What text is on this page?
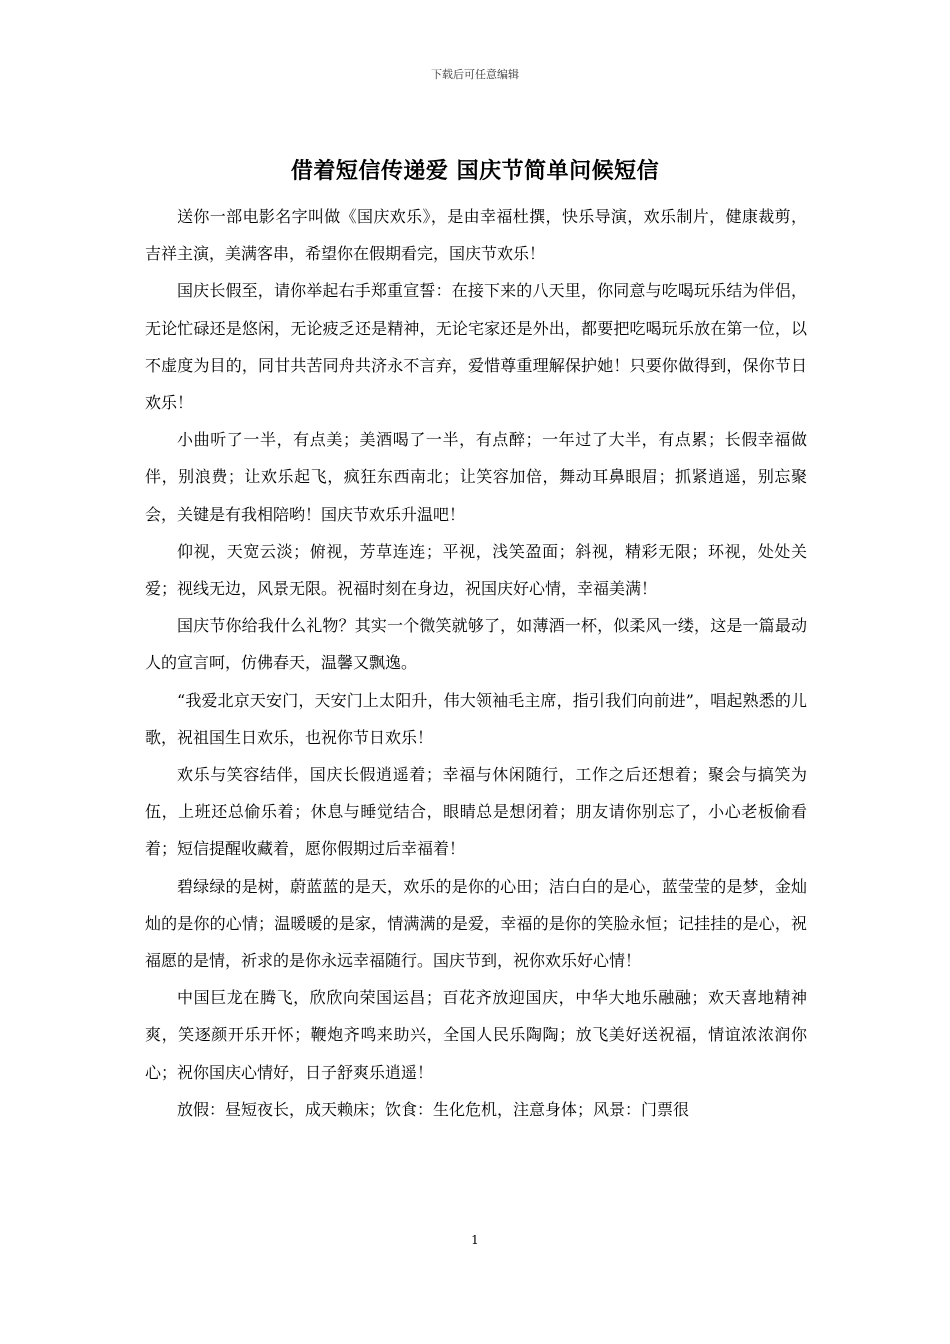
下载后可任意编辑
借着短信传递爱 国庆节简单问候短信

送你一部电影名字叫做《国庆欢乐》，是由幸福杜撰，快乐导演，欢乐制片，健康裁剪，吉祥主演，美满客串，希望你在假期看完，国庆节欢乐！

国庆长假至，请你举起右手郑重宣誓：在接下来的八天里，你同意与吃喝玩乐结为伴侣，无论忙碌还是悠闲，无论疲乏还是精神，无论宅家还是外出，都要把吃喝玩乐放在第一位，以不虚度为目的，同甘共苦同舟共济永不言弃，爱惜尊重理解保护她！只要你做得到，保你节日欢乐！

小曲听了一半，有点美；美酒喝了一半，有点醉；一年过了大半，有点累；长假幸福做伴，别浪费；让欢乐起飞，疯狂东西南北；让笑容加倍，舞动耳鼻眼眉；抓紧逍遥，别忘聚会，关键是有我相陪哟！国庆节欢乐升温吧！

仰视，天宽云淡；俯视，芳草连连；平视，浅笑盈面；斜视，精彩无限；环视，处处关爱；视线无边，风景无限。祝福时刻在身边，祝国庆好心情，幸福美满！

国庆节你给我什么礼物？其实一个微笑就够了，如薄酒一杯，似柔风一缕，这是一篇最动人的宣言呵，仿佛春天，温馨又飘逸。

“我爱北京天安门，天安门上太阳升，伟大领袖毛主席，指引我们向前进”，唱起熟悉的儿歌，祝祖国生日欢乐，也祝你节日欢乐！

欢乐与笑容结伴，国庆长假逍遥着；幸福与休闲随行，工作之后还想着；聚会与搞笑为伍，上班还总偷乐着；休息与睡觉结合，眼睛总是想闭着；朋友请你别忘了，小心老板偷看着；短信提醒收藏着，愿你假期过后幸福着！

碧绿绿的是树，蔚蓝蓝的是天，欢乐的是你的心田；洁白白的是心，蓝莹莹的是梦，金灿灿的是你的心情；温暖暖的是家，情满满的是爱，幸福的是你的笑脸永恒；记挂挂的是心，祝福愿的是情，祈求的是你永远幸福随行。国庆节到，祝你欢乐好心情！

中国巨龙在腾飞，欣欣向荣国运昌；百花齐放迎国庆，中华大地乐融融；欢天喜地精神爽，笑逐颜开乐开怀；鞭炮齐鸣来助兴，全国人民乐陶陶；放飞美好送祝福，情谊浓浓润你心；祝你国庆心情好，日子舒爽乐逍遥！

放假：昼短夜长，成天赖床；饮食：生化危机，注意身体；风景：门票很

1
